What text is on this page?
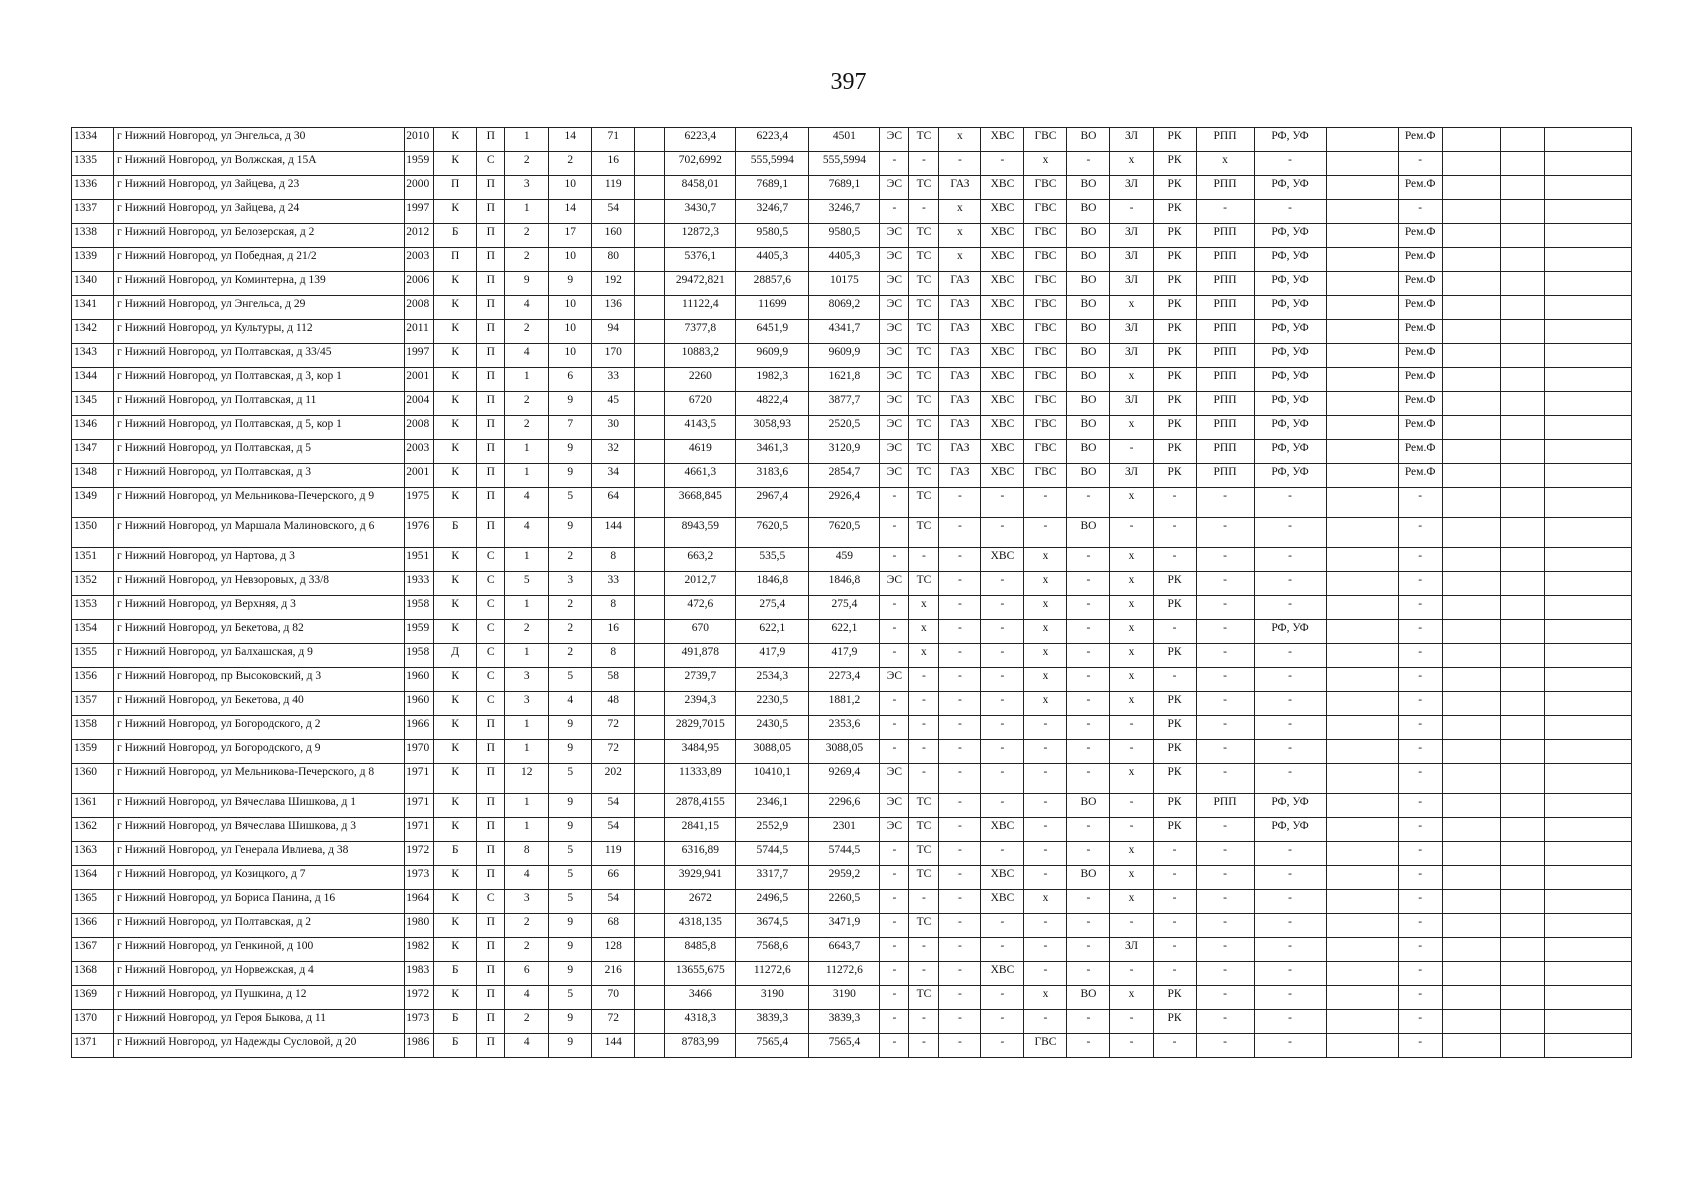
397
1334	г Нижний Новгород, ул Энгельса, д 30	2010	К	П	1	14	71		6223,4	6223,4	4501	ЭС	ТС	х	ХВС	ГВС	ВО	ЗЛ	РК	РПП	РФ, УФ		Рем.Ф			
1335	г Нижний Новгород, ул Волжская, д 15А	1959	К	С	2	2	16		702,6992	555,5994	555,5994	-	-	-	-	х	-	х	РК	х	-		-			
1336	г Нижний Новгород, ул Зайцева, д 23	2000	П	П	3	10	119		8458,01	7689,1	7689,1	ЭС	ТС	ГАЗ	ХВС	ГВС	ВО	ЗЛ	РК	РПП	РФ, УФ		Рем.Ф			
1337	г Нижний Новгород, ул Зайцева, д 24	1997	К	П	1	14	54		3430,7	3246,7	3246,7	-	-	х	ХВС	ГВС	ВО	-	РК	-	-		-			
1338	г Нижний Новгород, ул Белозерская, д 2	2012	Б	П	2	17	160		12872,3	9580,5	9580,5	ЭС	ТС	х	ХВС	ГВС	ВО	ЗЛ	РК	РПП	РФ, УФ		Рем.Ф			
1339	г Нижний Новгород, ул Победная, д 21/2	2003	П	П	2	10	80		5376,1	4405,3	4405,3	ЭС	ТС	х	ХВС	ГВС	ВО	ЗЛ	РК	РПП	РФ, УФ		Рем.Ф			
1340	г Нижний Новгород, ул Коминтерна, д 139	2006	К	П	9	9	192		29472,821	28857,6	10175	ЭС	ТС	ГАЗ	ХВС	ГВС	ВО	ЗЛ	РК	РПП	РФ, УФ		Рем.Ф			
1341	г Нижний Новгород, ул Энгельса, д 29	2008	К	П	4	10	136		11122,4	11699	8069,2	ЭС	ТС	ГАЗ	ХВС	ГВС	ВО	х	РК	РПП	РФ, УФ		Рем.Ф			
1342	г Нижний Новгород, ул Культуры, д 112	2011	К	П	2	10	94		7377,8	6451,9	4341,7	ЭС	ТС	ГАЗ	ХВС	ГВС	ВО	ЗЛ	РК	РПП	РФ, УФ		Рем.Ф			
1343	г Нижний Новгород, ул Полтавская, д 33/45	1997	К	П	4	10	170		10883,2	9609,9	9609,9	ЭС	ТС	ГАЗ	ХВС	ГВС	ВО	ЗЛ	РК	РПП	РФ, УФ		Рем.Ф			
1344	г Нижний Новгород, ул Полтавская, д 3, кор 1	2001	К	П	1	6	33		2260	1982,3	1621,8	ЭС	ТС	ГАЗ	ХВС	ГВС	ВО	х	РК	РПП	РФ, УФ		Рем.Ф			
1345	г Нижний Новгород, ул Полтавская, д 11	2004	К	П	2	9	45		6720	4822,4	3877,7	ЭС	ТС	ГАЗ	ХВС	ГВС	ВО	ЗЛ	РК	РПП	РФ, УФ		Рем.Ф			
1346	г Нижний Новгород, ул Полтавская, д 5, кор 1	2008	К	П	2	7	30		4143,5	3058,93	2520,5	ЭС	ТС	ГАЗ	ХВС	ГВС	ВО	х	РК	РПП	РФ, УФ		Рем.Ф			
1347	г Нижний Новгород, ул Полтавская, д 5	2003	К	П	1	9	32		4619	3461,3	3120,9	ЭС	ТС	ГАЗ	ХВС	ГВС	ВО	-	РК	РПП	РФ, УФ		Рем.Ф			
1348	г Нижний Новгород, ул Полтавская, д 3	2001	К	П	1	9	34		4661,3	3183,6	2854,7	ЭС	ТС	ГАЗ	ХВС	ГВС	ВО	ЗЛ	РК	РПП	РФ, УФ		Рем.Ф			
1349	г Нижний Новгород, ул Мельникова-Печерского, д 9	1975	К	П	4	5	64		3668,845	2967,4	2926,4	-	ТС	-	-	-	-	х	-	-	-		-			
1350	г Нижний Новгород, ул Маршала Малиновского, д 6	1976	Б	П	4	9	144		8943,59	7620,5	7620,5	-	ТС	-	-	-	ВО	-	-	-	-		-			
1351	г Нижний Новгород, ул Нартова, д 3	1951	К	С	1	2	8		663,2	535,5	459	-	-	-	ХВС	х	-	х	-	-	-		-			
1352	г Нижний Новгород, ул Невзоровых, д 33/8	1933	К	С	5	3	33		2012,7	1846,8	1846,8	ЭС	ТС	-	-	х	-	х	РК	-	-		-			
1353	г Нижний Новгород, ул Верхняя, д 3	1958	К	С	1	2	8		472,6	275,4	275,4	-	х	-	-	х	-	х	РК	-	-		-			
1354	г Нижний Новгород, ул Бекетова, д 82	1959	К	С	2	2	16		670	622,1	622,1	-	х	-	-	х	-	х	-	-	РФ, УФ		-			
1355	г Нижний Новгород, ул Балхашская, д 9	1958	Д	С	1	2	8		491,878	417,9	417,9	-	х	-	-	х	-	х	РК	-	-		-			
1356	г Нижний Новгород, пр Высоковский, д 3	1960	К	С	3	5	58		2739,7	2534,3	2273,4	ЭС	-	-	-	х	-	х	-	-	-		-			
1357	г Нижний Новгород, ул Бекетова, д 40	1960	К	С	3	4	48		2394,3	2230,5	1881,2	-	-	-	-	х	-	х	РК	-	-		-			
1358	г Нижний Новгород, ул Богородского, д 2	1966	К	П	1	9	72		2829,7015	2430,5	2353,6	-	-	-	-	-	-	-	РК	-	-		-			
1359	г Нижний Новгород, ул Богородского, д 9	1970	К	П	1	9	72		3484,95	3088,05	3088,05	-	-	-	-	-	-	-	РК	-	-		-			
1360	г Нижний Новгород, ул Мельникова-Печерского, д 8	1971	К	П	12	5	202		11333,89	10410,1	9269,4	ЭС	-	-	-	-	-	х	РК	-	-		-			
1361	г Нижний Новгород, ул Вячеслава Шишкова, д 1	1971	К	П	1	9	54		2878,4155	2346,1	2296,6	ЭС	ТС	-	-	-	ВО	-	РК	РПП	РФ, УФ		-			
1362	г Нижний Новгород, ул Вячеслава Шишкова, д 3	1971	К	П	1	9	54		2841,15	2552,9	2301	ЭС	ТС	-	ХВС	-	-	-	РК	-	РФ, УФ		-			
1363	г Нижний Новгород, ул Генерала Ивлиева, д 38	1972	Б	П	8	5	119		6316,89	5744,5	5744,5	-	ТС	-	-	-	-	х	-	-	-		-			
1364	г Нижний Новгород, ул Козицкого, д 7	1973	К	П	4	5	66		3929,941	3317,7	2959,2	-	ТС	-	ХВС	-	ВО	х	-	-	-		-			
1365	г Нижний Новгород, ул Бориса Панина, д 16	1964	К	С	3	5	54		2672	2496,5	2260,5	-	-	-	ХВС	х	-	х	-	-	-		-			
1366	г Нижний Новгород, ул Полтавская, д 2	1980	К	П	2	9	68		4318,135	3674,5	3471,9	-	ТС	-	-	-	-	-	-	-	-		-			
1367	г Нижний Новгород, ул Генкиной, д 100	1982	К	П	2	9	128		8485,8	7568,6	6643,7	-	-	-	-	-	-	ЗЛ	-	-	-		-			
1368	г Нижний Новгород, ул Норвежская, д 4	1983	Б	П	6	9	216		13655,675	11272,6	11272,6	-	-	-	ХВС	-	-	-	-	-	-		-			
1369	г Нижний Новгород, ул Пушкина, д 12	1972	К	П	4	5	70		3466	3190	3190	-	ТС	-	-	х	ВО	х	РК	-	-		-			
1370	г Нижний Новгород, ул Героя Быкова, д 11	1973	Б	П	2	9	72		4318,3	3839,3	3839,3	-	-	-	-	-	-	-	РК	-	-		-			
1371	г Нижний Новгород, ул Надежды Сусловой, д 20	1986	Б	П	4	9	144		8783,99	7565,4	7565,4	-	-	-	-	ГВС	-	-	-	-	-		-			
